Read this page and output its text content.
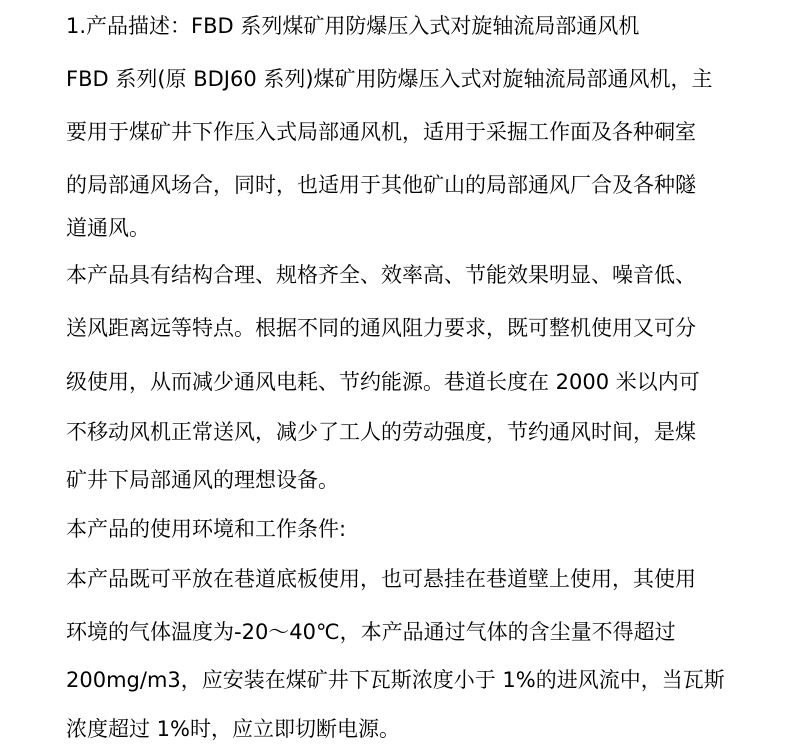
1.产品描述：FBD 系列煤矿用防爆压入式对旋轴流局部通风机
FBD 系列(原 BDJ60 系列)煤矿用防爆压入式对旋轴流局部通风机，主
要用于煤矿井下作压入式局部通风机，适用于采掘工作面及各种硐室
的局部通风场合，同时，也适用于其他矿山的局部通风厂合及各种隧
道通风。
本产品具有结构合理、规格齐全、效率高、节能效果明显、噪音低、
送风距离远等特点。根据不同的通风阻力要求，既可整机使用又可分
级使用，从而减少通风电耗、节约能源。巷道长度在 2000 米以内可
不移动风机正常送风，减少了工人的劳动强度，节约通风时间，是煤
矿井下局部通风的理想设备。
本产品的使用环境和工作条件:
本产品既可平放在巷道底板使用，也可悬挂在巷道壁上使用，其使用
环境的气体温度为-20～40℃，本产品通过气体的含尘量不得超过
200mg/m3，应安装在煤矿井下瓦斯浓度小于 1%的进风流中，当瓦斯
浓度超过 1%时，应立即切断电源。
